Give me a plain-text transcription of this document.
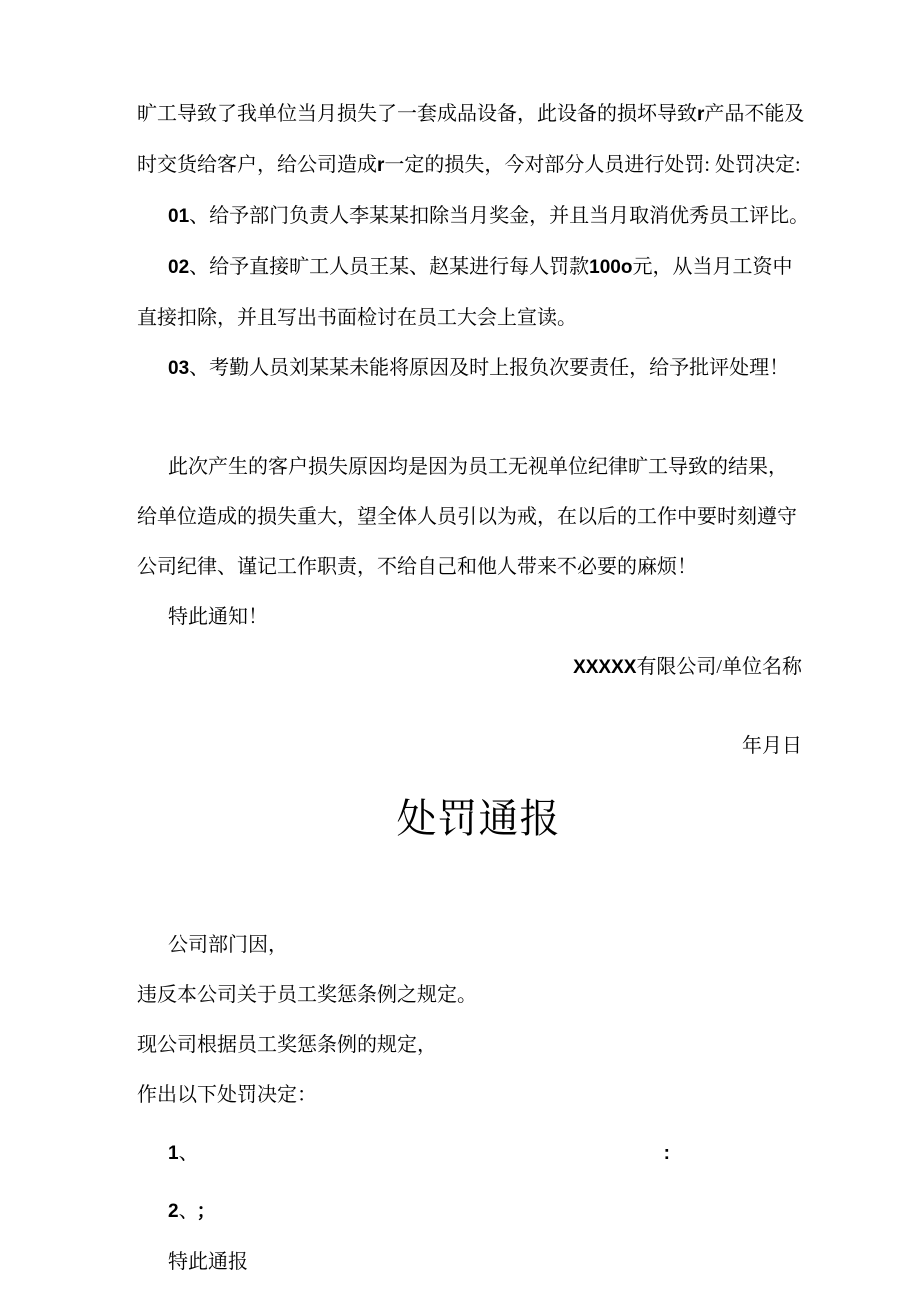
旷工导致了我单位当月损失了一套成品设备，此设备的损坏导致r产品不能及
时交货给客户，给公司造成r一定的损失，今对部分人员进行处罚: 处罚决定:
01、给予部门负责人李某某扣除当月奖金，并且当月取消优秀员工评比。
02、给予直接旷工人员王某、赵某进行每人罚款100o元，从当月工资中
直接扣除，并且写出书面检讨在员工大会上宣读。
03、考勤人员刘某某未能将原因及时上报负次要责任，给予批评处理！
此次产生的客户损失原因均是因为员工无视单位纪律旷工导致的结果，
给单位造成的损失重大，望全体人员引以为戒，在以后的工作中要时刻遵守
公司纪律、谨记工作职责，不给自己和他人带来不必要的麻烦！
特此通知！
XXXXX有限公司/单位名称
年月日
处罚通报
公司部门因，
违反本公司关于员工奖惩条例之规定。
现公司根据员工奖惩条例的规定，
作出以下处罚决定：
1、	:
2、 ；
特此通报
